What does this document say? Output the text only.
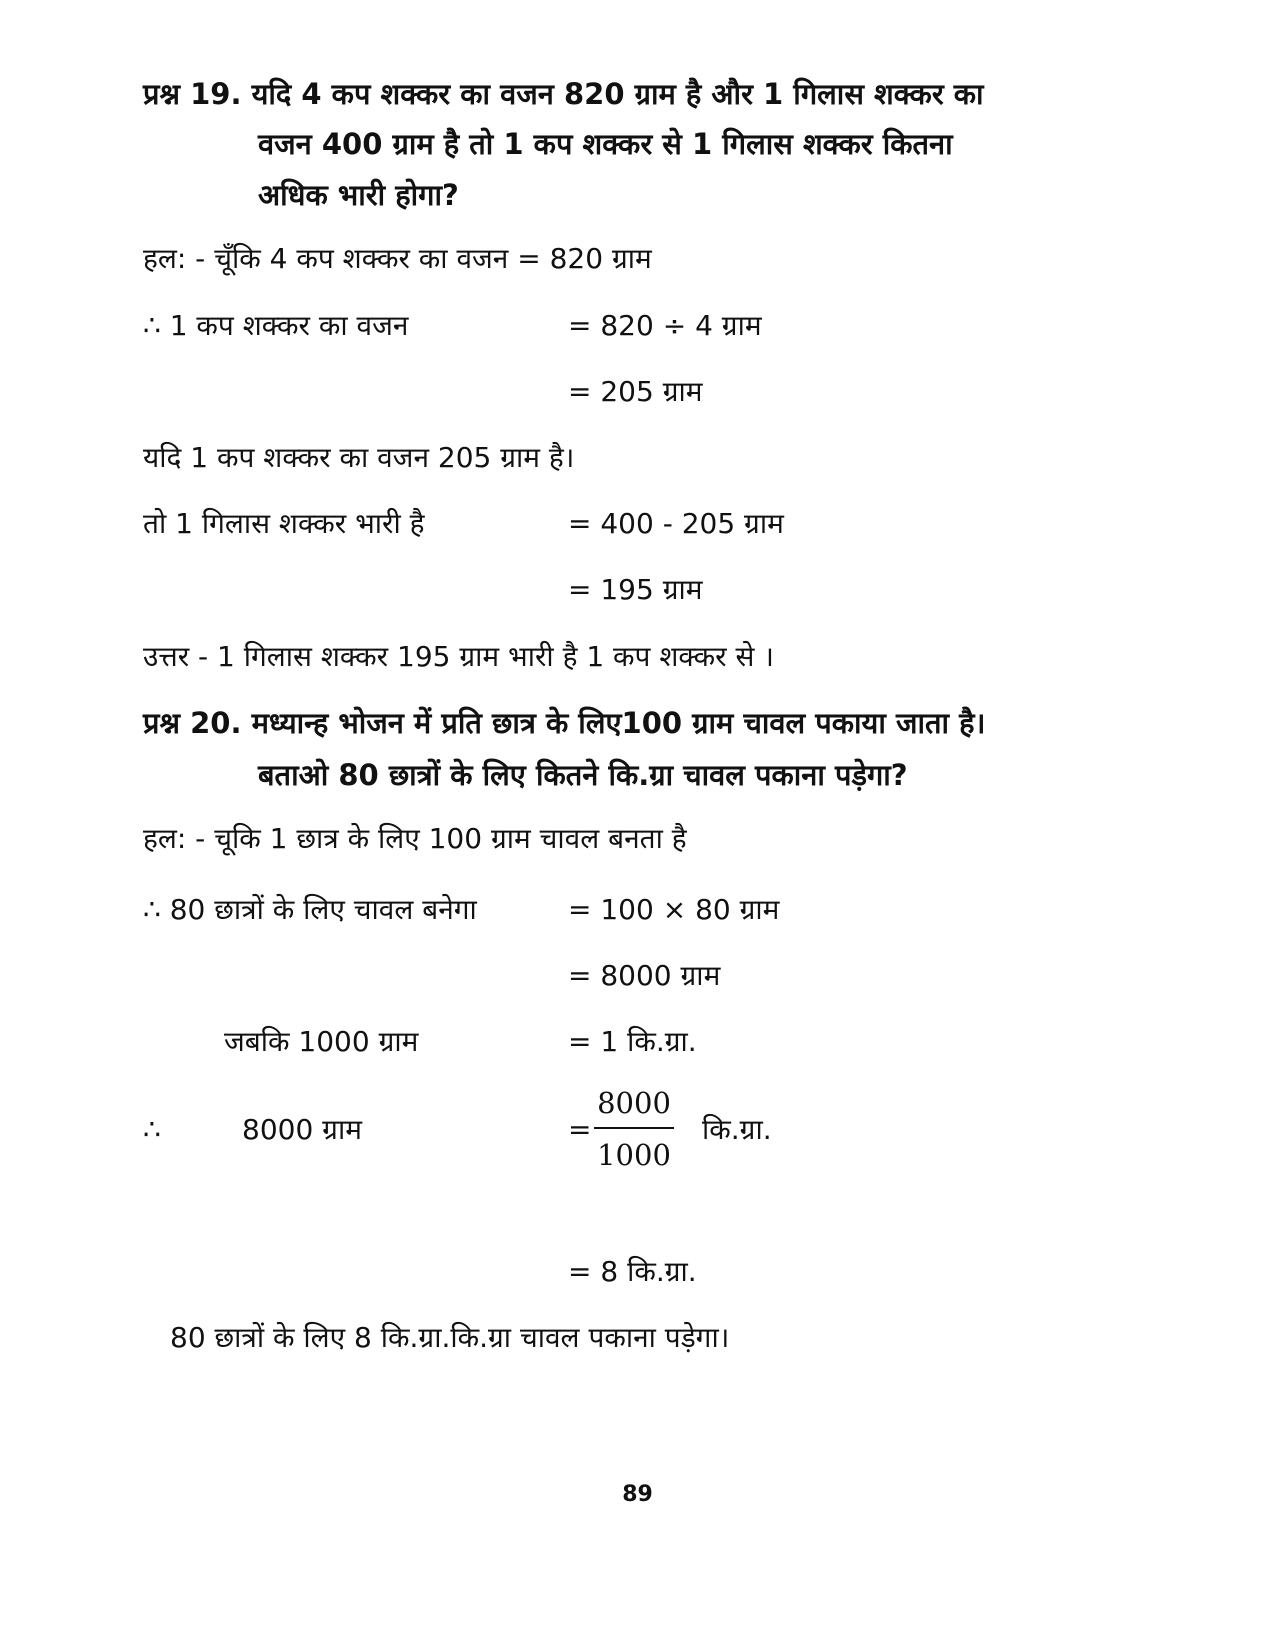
प्रश्न 19. यदि 4 कप शक्कर का वजन 820 ग्राम है और 1 गिलास शक्कर का
वजन 400 ग्राम है तो 1 कप शक्कर से 1 गिलास शक्कर कितना
अधिक भारी होगा?
हल: - चूँकि 4 कप शक्कर का वजन = 820 ग्राम
∴ 1 कप शक्कर का वजन	= 820 ÷ 4 ग्राम
= 205 ग्राम
यदि 1 कप शक्कर का वजन 205 ग्राम है।
तो 1 गिलास शक्कर भारी है	= 400 - 205 ग्राम
= 195 ग्राम
उत्तर - 1 गिलास शक्कर 195 ग्राम भारी है 1 कप शक्कर से ।
प्रश्न 20. मध्यान्ह भोजन में प्रति छात्र के लिए100 ग्राम चावल पकाया जाता है।
बताओ 80 छात्रों के लिए कितने कि.ग्रा चावल पकाना पड़ेगा?
हल: - चूकि 1 छात्र के लिए 100 ग्राम चावल बनता है
∴ 80 छात्रों के लिए चावल बनेगा	= 100 × 80 ग्राम
= 8000 ग्राम
जबकि 1000 ग्राम	= 1 कि.ग्रा.
∴	8000 ग्राम	=
8000
1000
कि.ग्रा.
= 8 कि.ग्रा.
80 छात्रों के लिए 8 कि.ग्रा.कि.ग्रा चावल पकाना पड़ेगा।
89
